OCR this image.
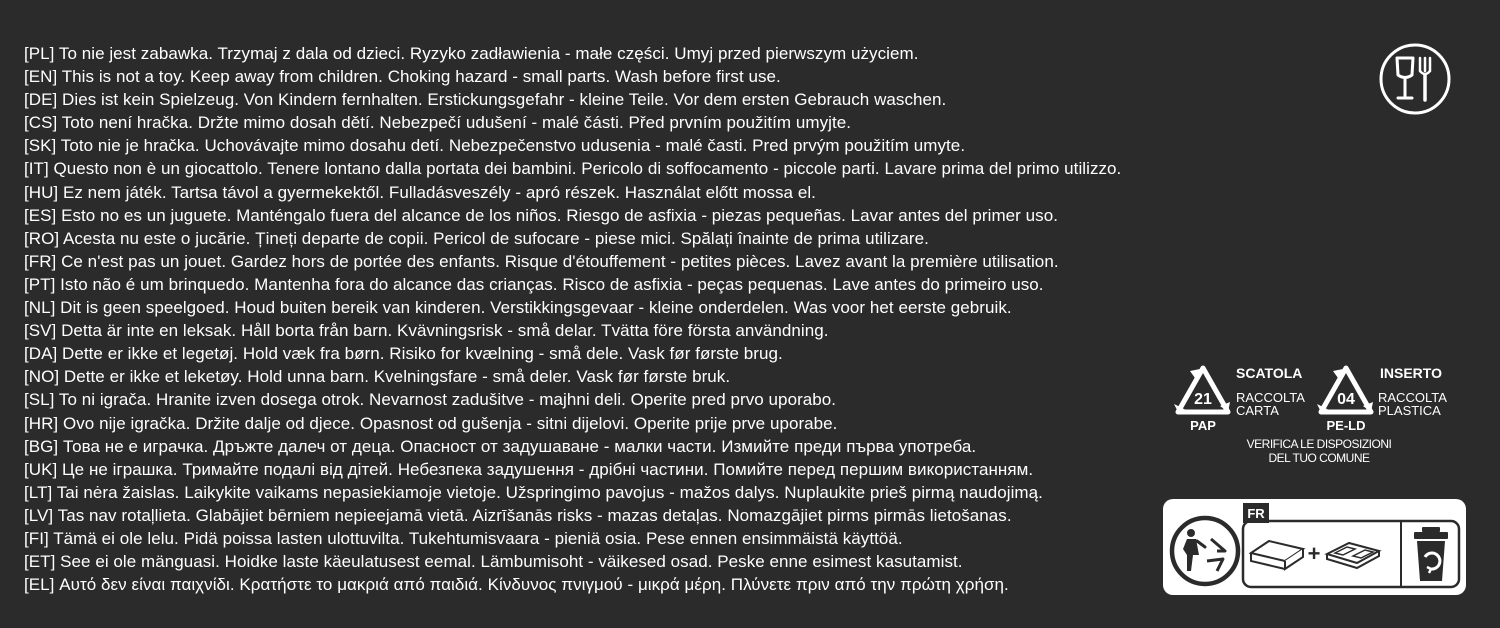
[PL] To nie jest zabawka. Trzymaj z dala od dzieci. Ryzyko zadławienia - małe części. Umyj przed pierwszym użyciem.
[EN] This is not a toy. Keep away from children. Choking hazard - small parts. Wash before first use.
[DE] Dies ist kein Spielzeug. Von Kindern fernhalten. Erstickungsgefahr - kleine Teile. Vor dem ersten Gebrauch waschen.
[CS] Toto není hračka. Držte mimo dosah dětí. Nebezpečí udušení - malé části. Před prvním použitím umyjte.
[SK] Toto nie je hračka. Uchovávajte mimo dosahu detí. Nebezpečenstvo udusenia - malé časti. Pred prvým použitím umyte.
[IT] Questo non è un giocattolo. Tenere lontano dalla portata dei bambini. Pericolo di soffocamento - piccole parti. Lavare prima del primo utilizzo.
[HU] Ez nem játék. Tartsa távol a gyermekektől. Fulladásveszély - apró részek. Használat előtt mossa el.
[ES] Esto no es un juguete. Manténgalo fuera del alcance de los niños. Riesgo de asfixia - piezas pequeñas. Lavar antes del primer uso.
[RO] Acesta nu este o jucărie. Țineți departe de copii. Pericol de sufocare - piese mici. Spălați înainte de prima utilizare.
[FR] Ce n'est pas un jouet. Gardez hors de portée des enfants. Risque d'étouffement - petites pièces. Lavez avant la première utilisation.
[PT] Isto não é um brinquedo. Mantenha fora do alcance das crianças. Risco de asfixia - peças pequenas. Lave antes do primeiro uso.
[NL] Dit is geen speelgoed. Houd buiten bereik van kinderen. Verstikkingsgevaar - kleine onderdelen. Was voor het eerste gebruik.
[SV] Detta är inte en leksak. Håll borta från barn. Kvävningsrisk - små delar. Tvätta före första användning.
[DA] Dette er ikke et legetøj. Hold væk fra børn. Risiko for kvælning - små dele. Vask før første brug.
[NO] Dette er ikke et leketøy. Hold unna barn. Kvelningsfare - små deler. Vask før første bruk.
[SL] To ni igrača. Hranite izven dosega otrok. Nevarnost zadušitve - majhni deli. Operite pred prvo uporabo.
[HR] Ovo nije igračka. Držite dalje od djece. Opasnost od gušenja - sitni dijelovi. Operite prije prve uporabe.
[BG] Това не е играчка. Дръжте далеч от деца. Опасност от задушаване - малки части. Измийте преди първа употреба.
[UK] Це не іграшка. Тримайте подалі від дітей. Небезпека задушення - дрібні частини. Помийте перед першим використанням.
[LT] Tai nėra žaislas. Laikykite vaikams nepasiekiamoje vietoje. Užspringimo pavojus - mažos dalys. Nuplaukite prieš pirmą naudojimą.
[LV] Tas nav rotaļlieta. Glabājiet bērniem nepieejamā vietā. Aizrīšanās risks - mazas detaļas. Nomazgājiet pirms pirmās lietošanas.
[FI] Tämä ei ole lelu. Pidä poissa lasten ulottuvilta. Tukehtumisvaara - pieniä osia. Pese ennen ensimmäistä käyttöä.
[ET] See ei ole mänguasi. Hoidke laste käeulatusest eemal. Lämbumisoht - väikesed osad. Peske enne esimest kasutamist.
[EL] Αυτό δεν είναι παιχνίδι. Κρατήστε το μακριά από παιδιά. Κίνδυνος πνιγμού - μικρά μέρη. Πλύνετε πριν από την πρώτη χρήση.
21
PAP
SCATOLA
RACCOLTA
CARTA
04
PE-LD
INSERTO
RACCOLTA
PLASTICA
VERIFICA LE DISPOSIZIONI
DEL TUO COMUNE
FR
+
